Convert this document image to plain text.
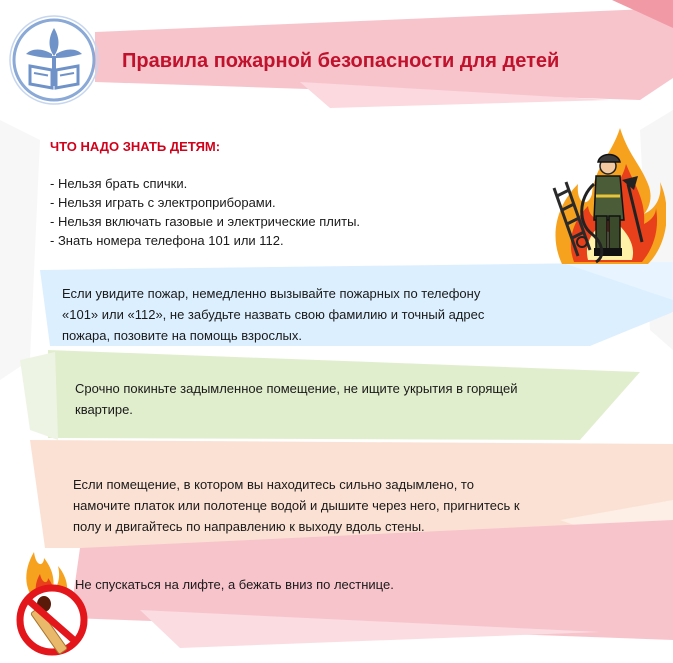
Правила пожарной безопасности для детей
ЧТО НАДО ЗНАТЬ ДЕТЯМ:
- Нельзя брать спички.
- Нельзя играть с электроприборами.
- Нельзя включать газовые и электрические плиты.
- Знать номера телефона 101 или 112.
Если увидите пожар, немедленно вызывайте пожарных по телефону
«101» или «112», не забудьте назвать свою фамилию и точный адрес
пожара, позовите на помощь взрослых.
Срочно покиньте задымленное помещение, не ищите укрытия в горящей
квартире.
Если помещение, в котором вы находитесь сильно задымлено, то
намочите платок или полотенце водой и дышите через него, пригнитесь к
полу и двигайтесь по направлению к выходу вдоль стены.
Не спускаться на лифте, а бежать вниз по лестнице.
